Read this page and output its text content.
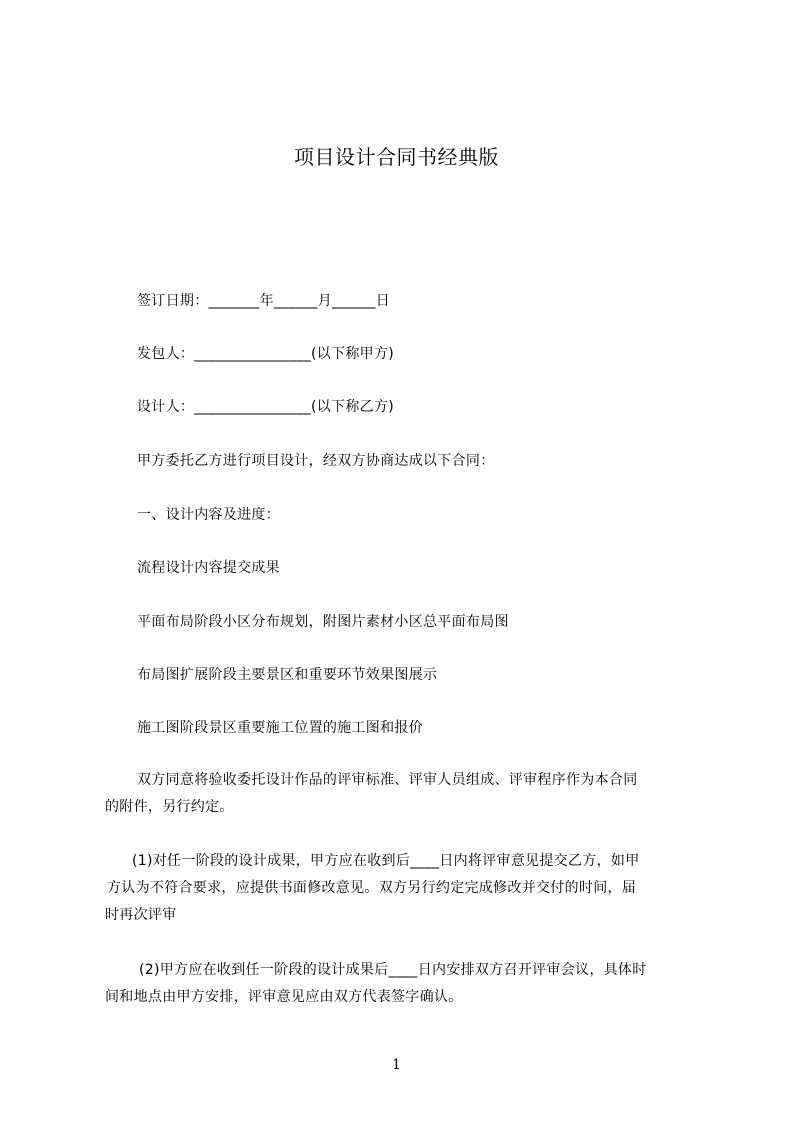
项目设计合同书经典版
签订日期：_______年______月______日
发包人：________________(以下称甲方)
设计人：________________(以下称乙方)
甲方委托乙方进行项目设计，经双方协商达成以下合同：
一、设计内容及进度：
流程设计内容提交成果
平面布局阶段小区分布规划，附图片素材小区总平面布局图
布局图扩展阶段主要景区和重要环节效果图展示
施工图阶段景区重要施工位置的施工图和报价
双方同意将验收委托设计作品的评审标准、评审人员组成、评审程序作为本合同
的附件，另行约定。
(1)对任一阶段的设计成果，甲方应在收到后____日内将评审意见提交乙方，如甲
方认为不符合要求，应提供书面修改意见。双方另行约定完成修改并交付的时间，届
时再次评审
(2)甲方应在收到任一阶段的设计成果后____日内安排双方召开评审会议，具体时
间和地点由甲方安排，评审意见应由双方代表签字确认。
1
